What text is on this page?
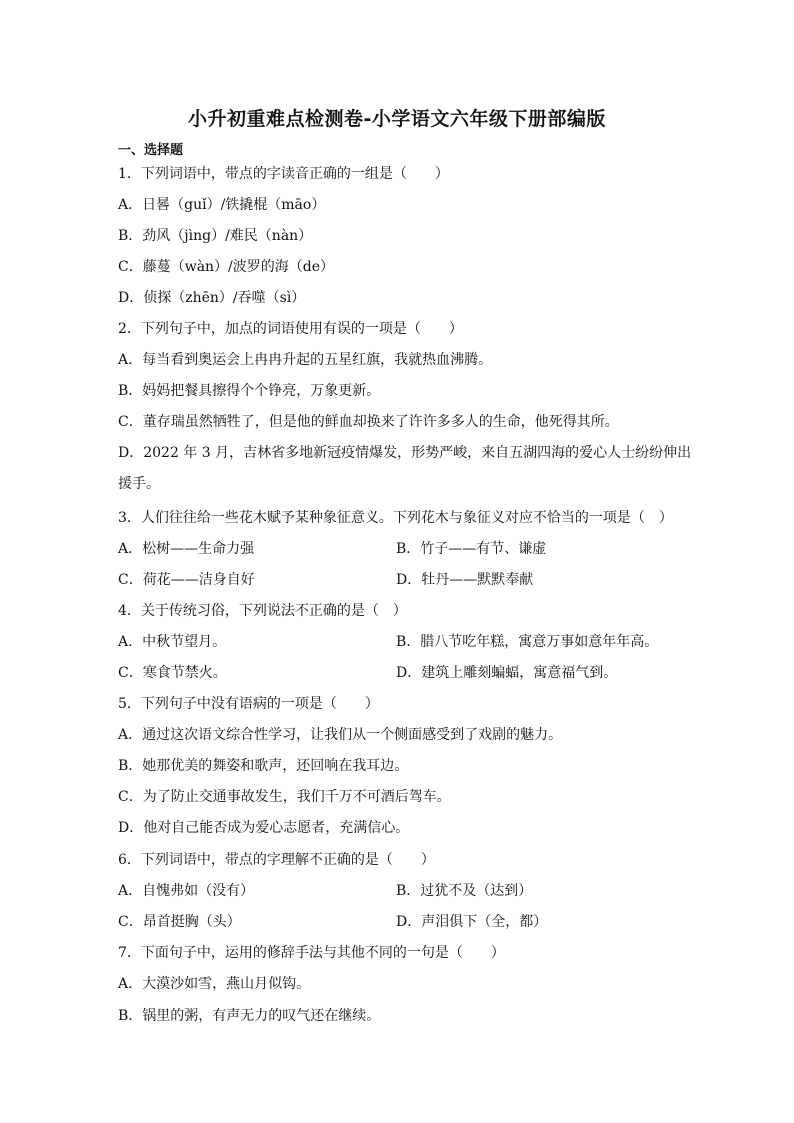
小升初重难点检测卷-小学语文六年级下册部编版
一、选择题
1．下列词语中，带点的字读音正确的一组是（　　）
A．日晷（guǐ）/铁撬棍（māo）
B．劲风（jìng）/难民（nàn）
C．藤蔓（wàn）/波罗的海（de）
D．侦探（zhēn）/吞噬（sì）
2．下列句子中，加点的词语使用有误的一项是（　　）
A．每当看到奥运会上冉冉升起的五星红旗，我就热血沸腾。
B．妈妈把餐具擦得个个铮亮，万象更新。
C．董存瑞虽然牺牲了，但是他的鲜血却换来了许许多多人的生命，他死得其所。
D．2022 年 3 月，吉林省多地新冠疫情爆发，形势严峻，来自五湖四海的爱心人士纷纷伸出
援手。
3．人们往往给一些花木赋予某种象征意义。下列花木与象征义对应不恰当的一项是（　）
A．松树——生命力强	B．竹子——有节、谦虚
C．荷花——洁身自好	D．牡丹——默默奉献
4．关于传统习俗，下列说法不正确的是（　）
A．中秋节望月。	B．腊八节吃年糕，寓意万事如意年年高。
C．寒食节禁火。	D．建筑上雕刻蝙蝠，寓意福气到。
5．下列句子中没有语病的一项是（　　）
A．通过这次语文综合性学习，让我们从一个侧面感受到了戏剧的魅力。
B．她那优美的舞姿和歌声，还回响在我耳边。
C．为了防止交通事故发生，我们千万不可酒后驾车。
D．他对自己能否成为爱心志愿者，充满信心。
6．下列词语中，带点的字理解不正确的是（　　）
A．自愧弗如（没有）	B．过犹不及（达到）
C．昂首挺胸（头）	D．声泪俱下（全，都）
7．下面句子中，运用的修辞手法与其他不同的一句是（　　）
A．大漠沙如雪，燕山月似钩。
B．锅里的粥，有声无力的叹气还在继续。
